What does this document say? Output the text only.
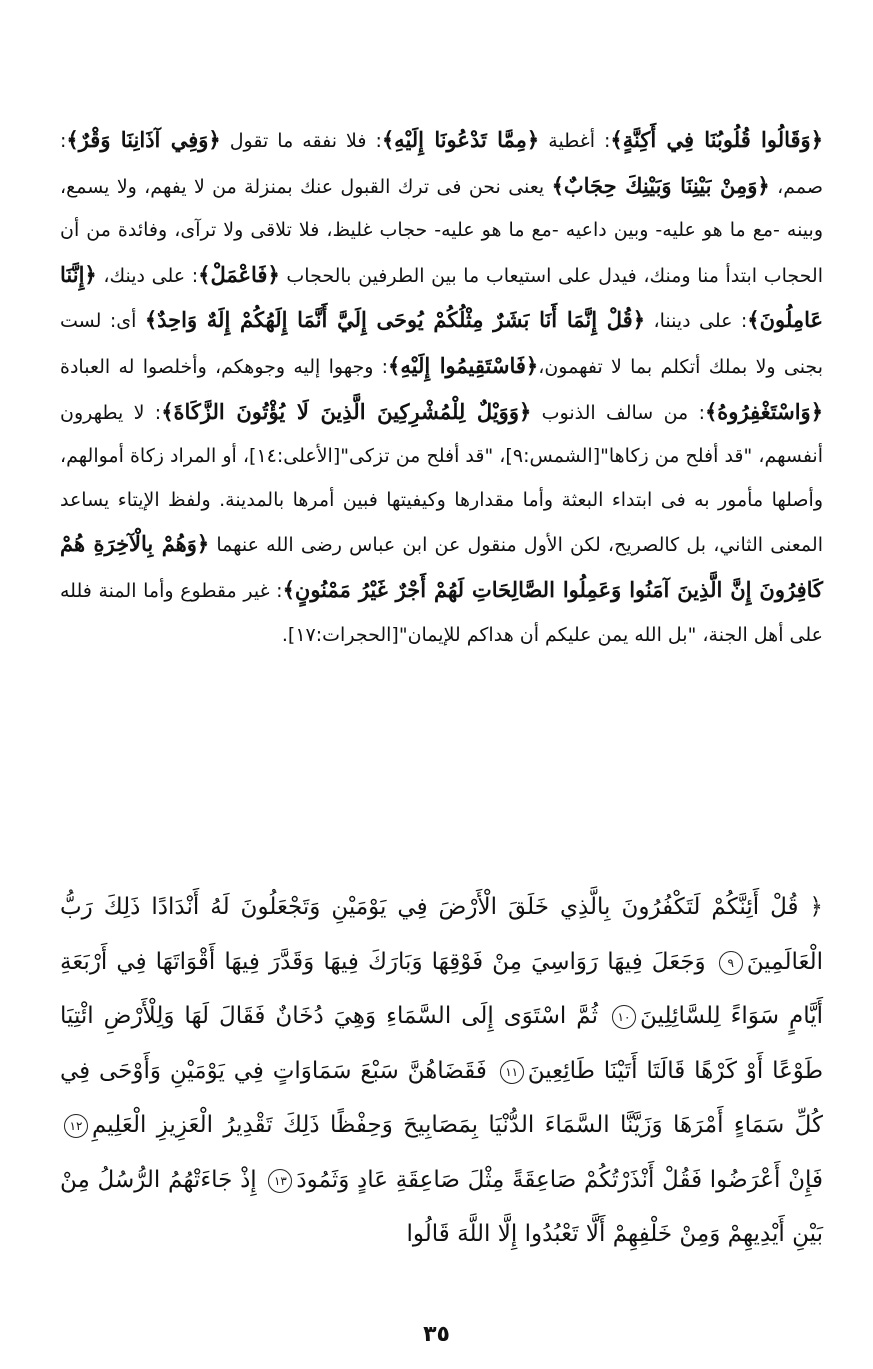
﴿وَقَالُوا قُلُوبُنَا فِي أَكِنَّةٍ﴾: أغطية ﴿مِمَّا تَدْعُونَا إِلَيْهِ﴾: فلا نفقه ما تقول ﴿وَفِي آذَانِنَا وَقْرٌ﴾: صمم، ﴿وَمِنْ بَيْنِنَا وَبَيْنِكَ حِجَابٌ﴾ يعنى نحن فى ترك القبول عنك بمنزلة من لا يفهم، ولا يسمع، وبينه -مع ما هو عليه- وبين داعيه -مع ما هو عليه- حجاب غليظ، فلا تلاقى ولا ترآى، وفائدة من أن الحجاب ابتدأ منا ومنك، فيدل على استيعاب ما بين الطرفين بالحجاب ﴿فَاعْمَلْ﴾: على دينك، ﴿إِنَّنَا عَامِلُونَ﴾: على ديننا، ﴿قُلْ إِنَّمَا أَنَا بَشَرٌ مِثْلُكُمْ يُوحَى إِلَيَّ أَنَّمَا إِلَهُكُمْ إِلَهٌ وَاحِدٌ﴾ أى: لست بجنى ولا بملك أتكلم بما لا تفهمون،﴿فَاسْتَقِيمُوا إِلَيْهِ﴾: وجهوا إليه وجوهكم، وأخلصوا له العبادة ﴿وَاسْتَغْفِرُوهُ﴾: من سالف الذنوب ﴿وَوَيْلٌ لِلْمُشْرِكِينَ الَّذِينَ لَا يُؤْتُونَ الزَّكَاةَ﴾: لا يطهرون أنفسهم، "قد أفلح من زكاها"[الشمس:٩]، "قد أفلح من تزكى"[الأعلى:١٤]، أو المراد زكاة أموالهم، وأصلها مأمور به فى ابتداء البعثة وأما مقدارها وكيفيتها فبين أمرها بالمدينة. ولفظ الإيتاء يساعد المعنى الثاني، بل كالصريح، لكن الأول منقول عن ابن عباس رضى الله عنهما ﴿وَهُمْ بِالْآخِرَةِ هُمْ كَافِرُونَ إِنَّ الَّذِينَ آمَنُوا وَعَمِلُوا الصَّالِحَاتِ لَهُمْ أَجْرٌ غَيْرُ مَمْنُونٍ﴾: غير مقطوع وأما المنة فلله على أهل الجنة، "بل الله يمن عليكم أن هداكم للإيمان"[الحجرات:١٧].
﴿ قُلْ أَئِنَّكُمْ لَتَكْفُرُونَ بِالَّذِي خَلَقَ الْأَرْضَ فِي يَوْمَيْنِ وَتَجْعَلُونَ لَهُ أَنْدَادًا ذَلِكَ رَبُّ الْعَالَمِينَ٩ وَجَعَلَ فِيهَا رَوَاسِيَ مِنْ فَوْقِهَا وَبَارَكَ فِيهَا وَقَدَّرَ فِيهَا أَقْوَاتَهَا فِي أَرْبَعَةِ أَيَّامٍ سَوَاءً لِلسَّائِلِينَ١٠ ثُمَّ اسْتَوَى إِلَى السَّمَاءِ وَهِيَ دُخَانٌ فَقَالَ لَهَا وَلِلْأَرْضِ ائْتِيَا طَوْعًا أَوْ كَرْهًا قَالَتَا أَتَيْنَا طَائِعِينَ١١ فَقَضَاهُنَّ سَبْعَ سَمَاوَاتٍ فِي يَوْمَيْنِ وَأَوْحَى فِي كُلِّ سَمَاءٍ أَمْرَهَا وَزَيَّنَّا السَّمَاءَ الدُّنْيَا بِمَصَابِيحَ وَحِفْظًا ذَلِكَ تَقْدِيرُ الْعَزِيزِ الْعَلِيمِ١٢ فَإِنْ أَعْرَضُوا فَقُلْ أَنْذَرْتُكُمْ صَاعِقَةً مِثْلَ صَاعِقَةِ عَادٍ وَثَمُودَ١٣ إِذْ جَاءَتْهُمُ الرُّسُلُ مِنْ بَيْنِ أَيْدِيهِمْ وَمِنْ خَلْفِهِمْ أَلَّا تَعْبُدُوا إِلَّا اللَّهَ قَالُوا
٣٥
